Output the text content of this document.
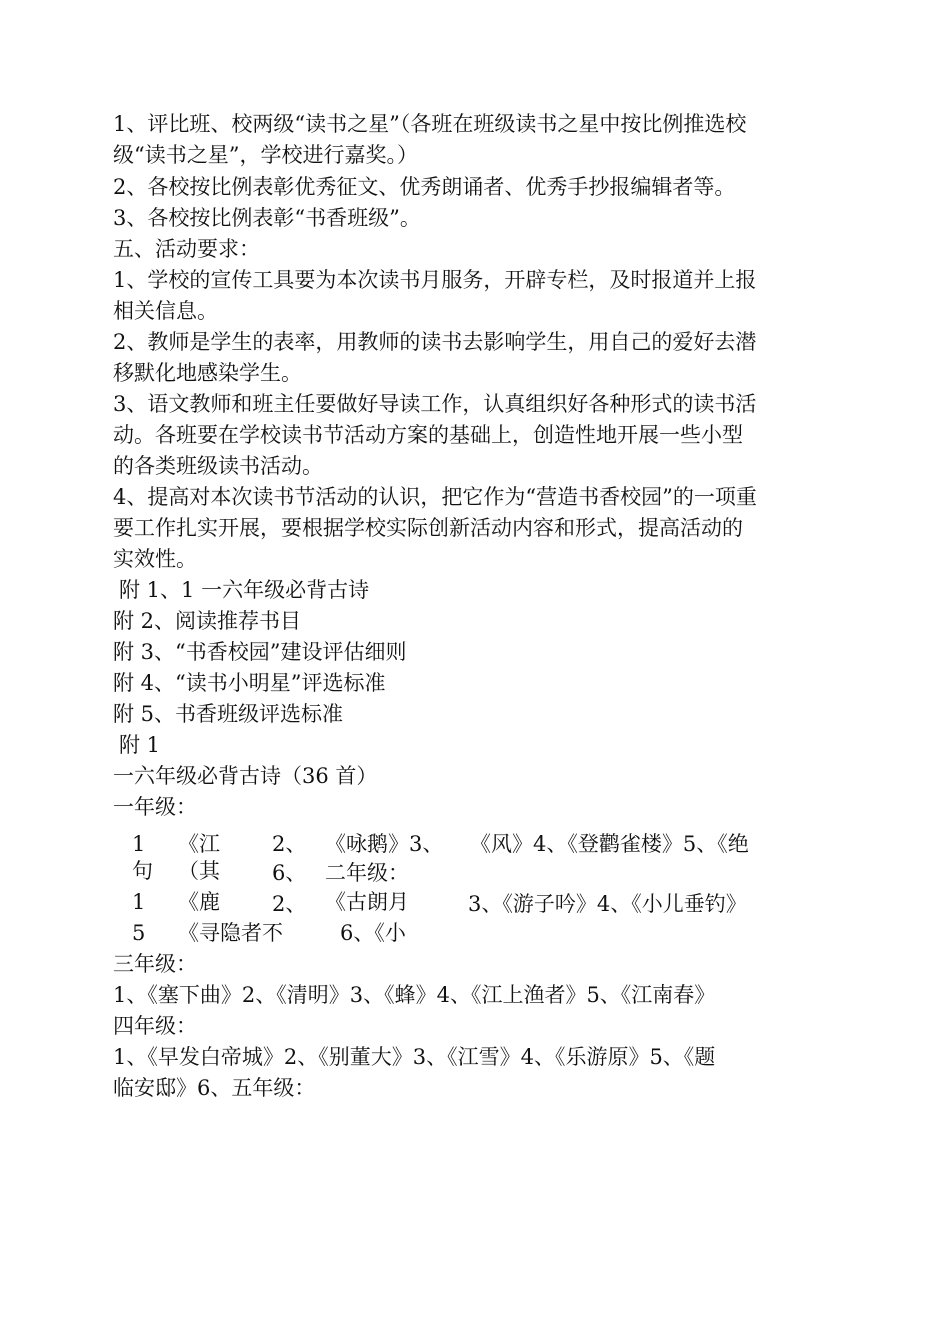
1、评比班、校两级“读书之星”（各班在班级读书之星中按比例推选校
级“读书之星”，学校进行嘉奖。）
2、各校按比例表彰优秀征文、优秀朗诵者、优秀手抄报编辑者等。
3、各校按比例表彰“书香班级”。
五、活动要求：
1、学校的宣传工具要为本次读书月服务，开辟专栏，及时报道并上报
相关信息。
2、教师是学生的表率，用教师的读书去影响学生，用自己的爱好去潜
移默化地感染学生。
3、语文教师和班主任要做好导读工作，认真组织好各种形式的读书活
动。各班要在学校读书节活动方案的基础上，创造性地开展一些小型
的各类班级读书活动。
4、提高对本次读书节活动的认识，把它作为“营造书香校园”的一项重
要工作扎实开展，要根据学校实际创新活动内容和形式，提高活动的
实效性。
附 1、1 一六年级必背古诗
附 2、阅读推荐书目
附 3、“书香校园”建设评估细则
附 4、“读书小明星”评选标准
附 5、书香班级评选标准
附 1
一六年级必背古诗（36 首）
一年级：
1 《江 2、 《咏鹅》3、 《风》4、《登鹳雀楼》5、《绝
句 （其 6、 二年级：
1 《鹿 2、 《古朗月	3、《游子吟》4、《小儿垂钓》
5 《寻隐者不	6、《小
三年级：
1、《塞下曲》2、《清明》3、《蜂》4、《江上渔者》5、《江南春》
四年级：
1、《早发白帝城》2、《别董大》3、《江雪》4、《乐游原》5、《题
临安邸》6、五年级：
